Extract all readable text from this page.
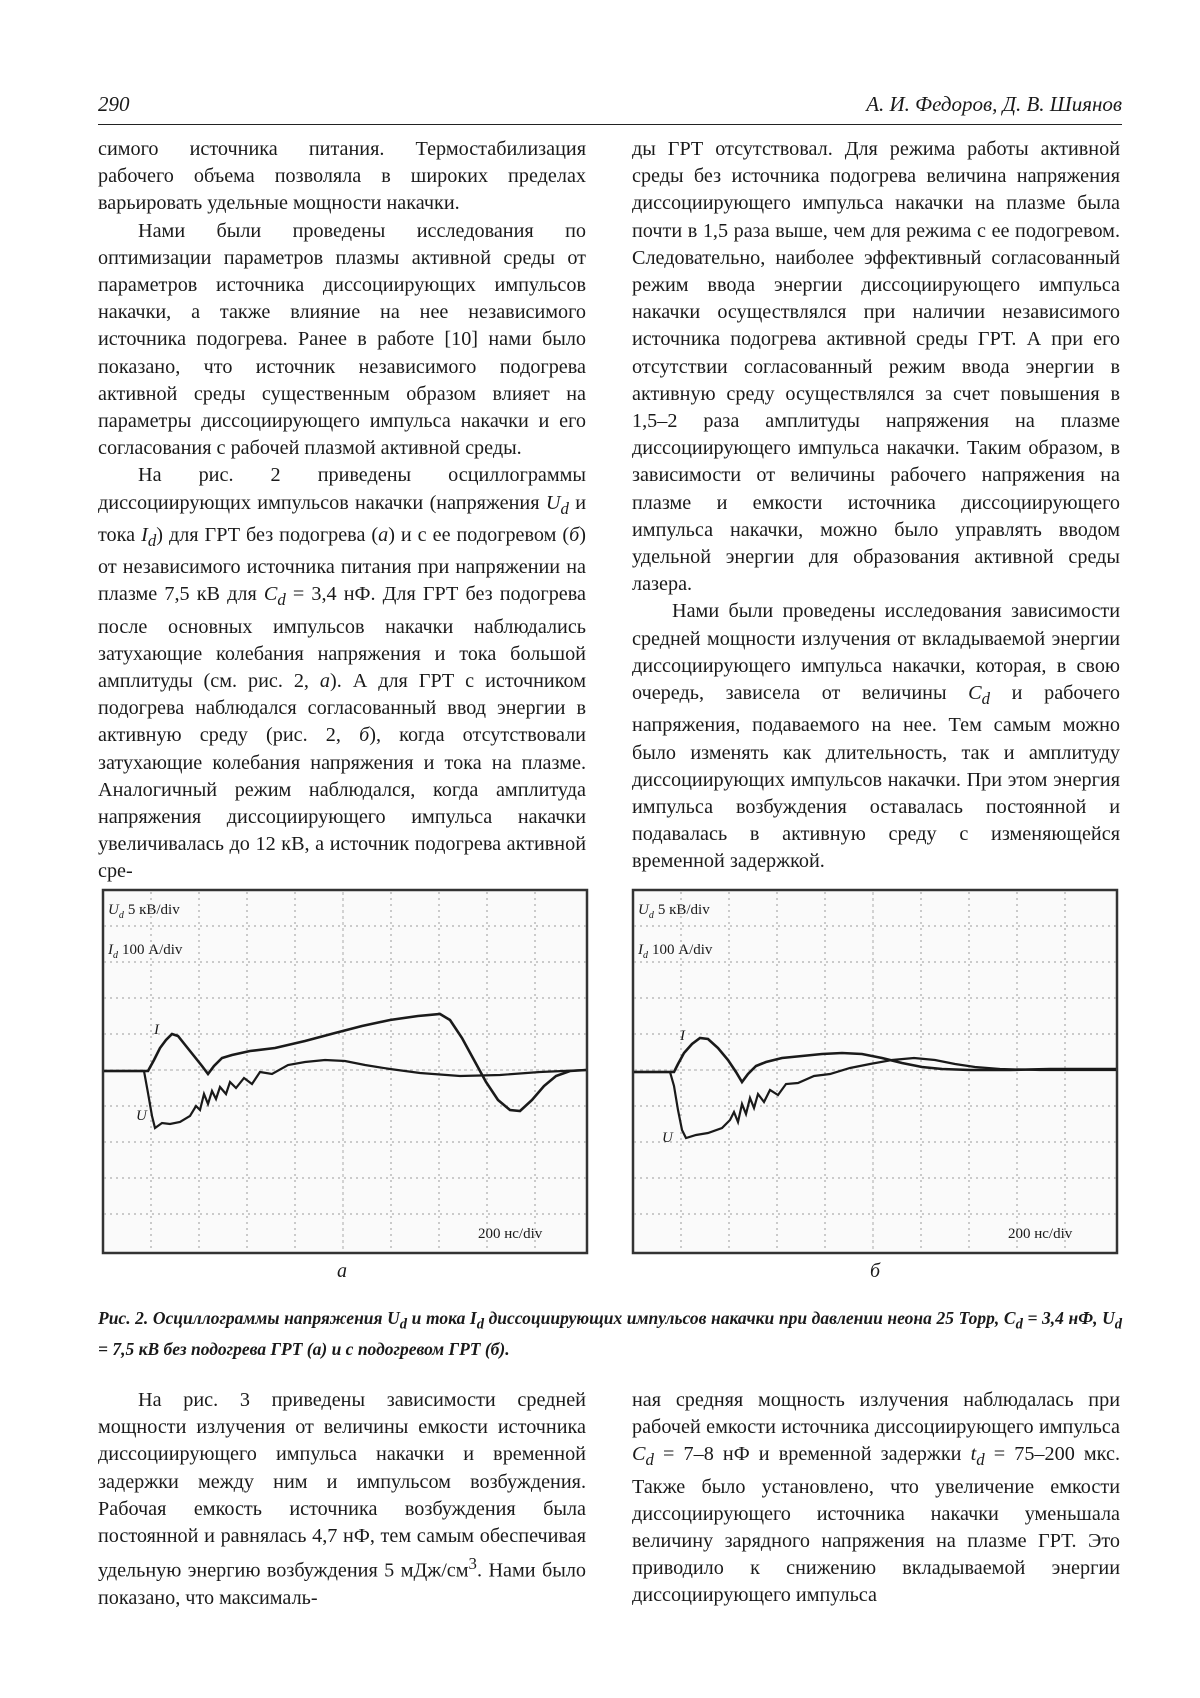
290	А. И. Федоров, Д. В. Шиянов

симого источника питания. Термостабилизация рабочего объема позволяла в широких пределах варьировать удельные мощности накачки.

Нами были проведены исследования по оптимизации параметров плазмы активной среды от параметров источника диссоциирующих импульсов накачки, а также влияние на нее независимого источника подогрева. Ранее в работе [10] нами было показано, что источник независимого подогрева активной среды существенным образом влияет на параметры диссоциирующего импульса накачки и его согласования с рабочей плазмой активной среды.

На рис. 2 приведены осциллограммы диссоциирующих импульсов накачки (напряжения $U_d$ и тока $I_d$) для ГРТ без подогрева (а) и с ее подогревом (б) от независимого источника питания при напряжении на плазме 7,5 кВ для $C_d = 3,4$ нФ. Для ГРТ без подогрева после основных импульсов накачки наблюдались затухающие колебания напряжения и тока большой амплитуды (см. рис. 2, а). А для ГРТ с источником подогрева наблюдался согласованный ввод энергии в активную среду (рис. 2, б), когда отсутствовали затухающие колебания напряжения и тока на плазме. Аналогичный режим наблюдался, когда амплитуда напряжения диссоциирующего импульса накачки увеличивалась до 12 кВ, а источник подогрева активной сре-

ды ГРТ отсутствовал. Для режима работы активной среды без источника подогрева величина напряжения диссоциирующего импульса накачки на плазме была почти в 1,5 раза выше, чем для режима с ее подогревом. Следовательно, наиболее эффективный согласованный режим ввода энергии диссоциирующего импульса накачки осуществлялся при наличии независимого источника подогрева активной среды ГРТ. А при его отсутствии согласованный режим ввода энергии в активную среду осуществлялся за счет повышения в 1,5–2 раза амплитуды напряжения на плазме диссоциирующего импульса накачки. Таким образом, в зависимости от величины рабочего напряжения на плазме и емкости источника диссоциирующего импульса накачки, можно было управлять вводом удельной энергии для образования активной среды лазера.

Нами были проведены исследования зависимости средней мощности излучения от вкладываемой энергии диссоциирующего импульса накачки, которая, в свою очередь, зависела от величины $C_d$ и рабочего напряжения, подаваемого на нее. Тем самым можно было изменять как длительность, так и амплитуду диссоциирующих импульсов накачки. При этом энергия импульса возбуждения оставалась постоянной и подавалась в активную среду с изменяющейся временной задержкой.

$U_d$ 5 кВ/div
$I_d$ 100 А/div
I
U
200 нс/div
а
$U_d$ 5 кВ/div
$I_d$ 100 А/div
I
U
200 нс/div
б
Рис. 2. Осциллограммы напряжения $U_d$ и тока $I_d$ диссоциирующих импульсов накачки при давлении неона 25 Торр, $C_d = 3,4$ нФ, $U_d = 7,5$ кВ без подогрева ГРТ (а) и с подогревом ГРТ (б).

На рис. 3 приведены зависимости средней мощности излучения от величины емкости источника диссоциирующего импульса накачки и временной задержки между ним и импульсом возбуждения. Рабочая емкость источника возбуждения была постоянной и равнялась 4,7 нФ, тем самым обеспечивая удельную энергию возбуждения 5 мДж/$см^3$. Нами было показано, что максималь-

ная средняя мощность излучения наблюдалась при рабочей емкости источника диссоциирующего импульса $C_d = 7-8$ нФ и временной задержки $t_d = 75-200$ мкс. Также было установлено, что увеличение емкости диссоциирующего источника накачки уменьшала величину зарядного напряжения на плазме ГРТ. Это приводило к снижению вкладываемой энергии диссоциирующего импульса
